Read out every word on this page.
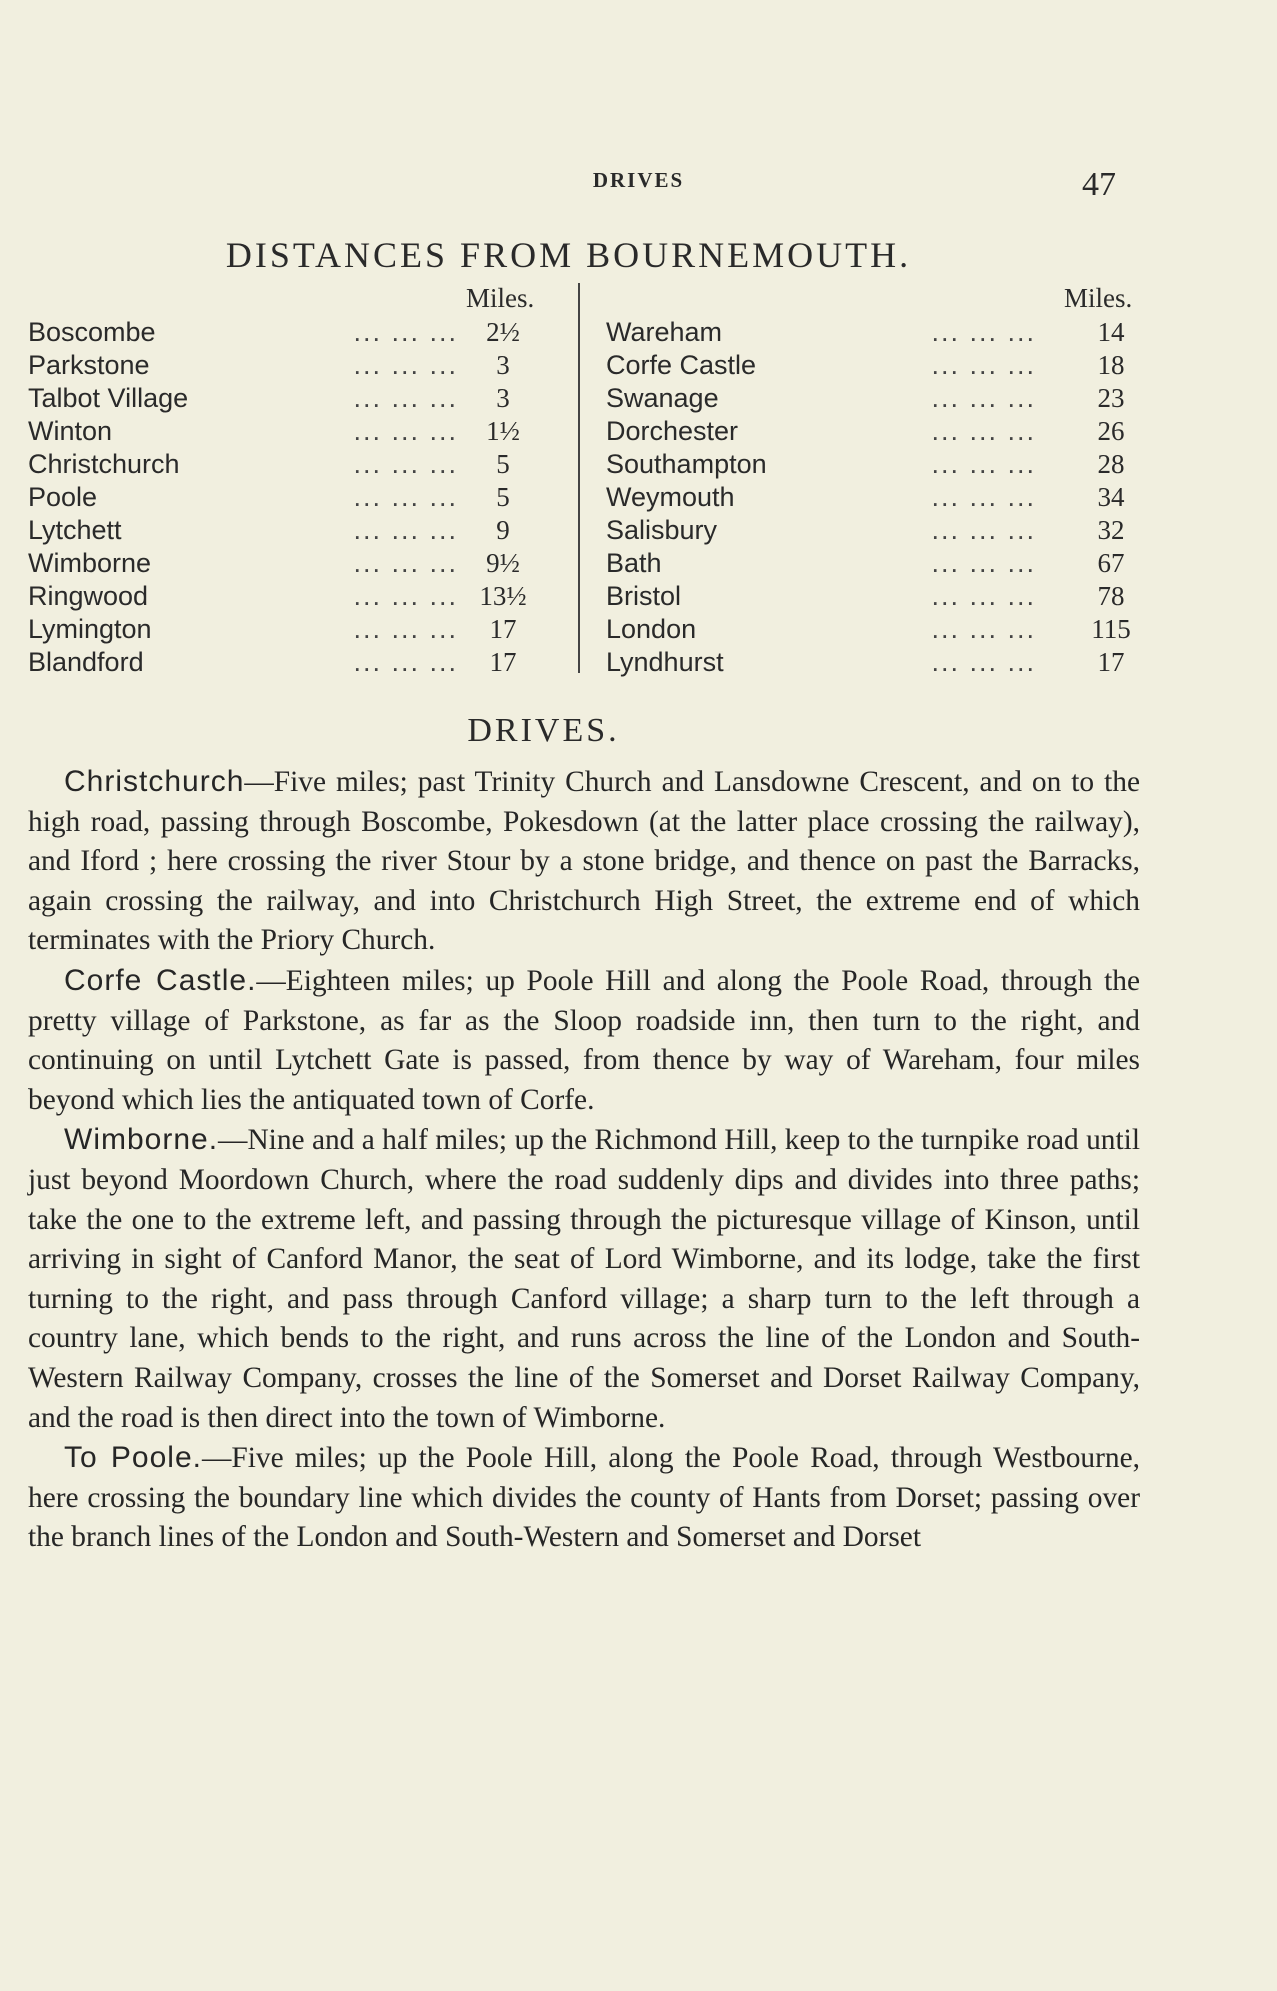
DRIVES	47
DISTANCES FROM BOURNEMOUTH.
Miles.
... ... ...
Boscombe	2½
... ... ...
Parkstone	3
... ... ...
Talbot Village	3
... ... ...
Winton	1½
... ... ...
Christchurch	5
... ... ...
Poole	5
... ... ...
Lytchett	9
... ... ...
Wimborne	9½
... ... ...
Ringwood	13½
... ... ...
Lymington	17
... ... ...
Blandford	17
Miles.
... ... ...
Wareham	14
... ... ...
Corfe Castle	18
... ... ...
Swanage	23
... ... ...
Dorchester	26
... ... ...
Southampton	28
... ... ...
Weymouth	34
... ... ...
Salisbury	32
... ... ...
Bath	67
... ... ...
Bristol	78
... ... ...
London	115
... ... ...
Lyndhurst	17
DRIVES.

Christchurch—Five miles; past Trinity Church and Lansdowne Crescent, and on to the high road, passing through Boscombe, Pokesdown (at the latter place crossing the railway), and Iford ; here crossing the river Stour by a stone bridge, and thence on past the Barracks, again crossing the railway, and into Christchurch High Street, the extreme end of which terminates with the Priory Church.

Corfe Castle.—Eighteen miles; up Poole Hill and along the Poole Road, through the pretty village of Parkstone, as far as the Sloop roadside inn, then turn to the right, and continuing on until Lytchett Gate is passed, from thence by way of Wareham, four miles beyond which lies the antiquated town of Corfe.

Wimborne.—Nine and a half miles; up the Richmond Hill, keep to the turnpike road until just beyond Moordown Church, where the road suddenly dips and divides into three paths; take the one to the extreme left, and passing through the picturesque village of Kinson, until arriving in sight of Canford Manor, the seat of Lord Wimborne, and its lodge, take the first turning to the right, and pass through Canford village; a sharp turn to the left through a country lane, which bends to the right, and runs across the line of the London and South-Western Railway Company, crosses the line of the Somerset and Dorset Railway Company, and the road is then direct into the town of Wimborne.

To Poole.—Five miles; up the Poole Hill, along the Poole Road, through Westbourne, here crossing the boundary line which divides the county of Hants from Dorset; passing over the branch lines of the London and South-Western and Somerset and Dorset
